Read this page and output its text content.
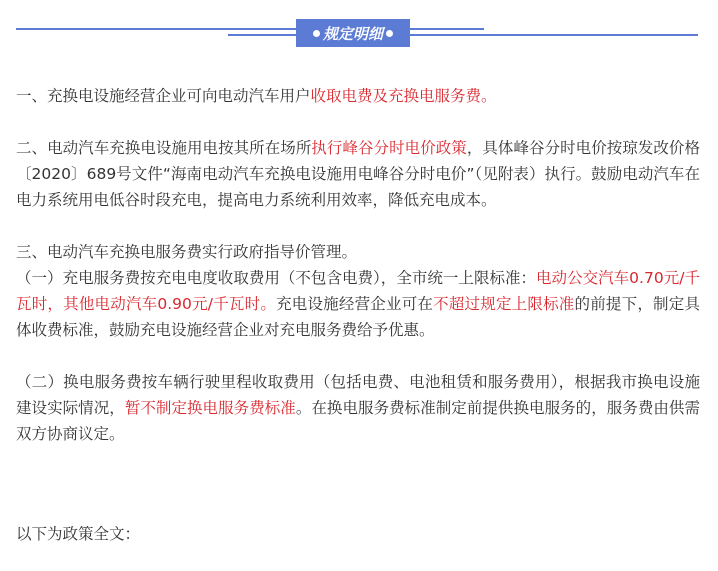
规定明细

一、充换电设施经营企业可向电动汽车用户收取电费及充换电服务费。

二、电动汽车充换电设施用电按其所在场所执行峰谷分时电价政策，具体峰谷分时电价按琼发改价格〔2020〕689号文件“海南电动汽车充换电设施用电峰谷分时电价”（见附表）执行。鼓励电动汽车在电力系统用电低谷时段充电，提高电力系统利用效率，降低充电成本。

三、电动汽车充换电服务费实行政府指导价管理。

（一）充电服务费按充电电度收取费用（不包含电费），全市统一上限标准：电动公交汽车0.70元/千瓦时，其他电动汽车0.90元/千瓦时。充电设施经营企业可在不超过规定上限标准的前提下，制定具体收费标准，鼓励充电设施经营企业对充电服务费给予优惠。

（二）换电服务费按车辆行驶里程收取费用（包括电费、电池租赁和服务费用），根据我市换电设施建设实际情况，暂不制定换电服务费标准。在换电服务费标准制定前提供换电服务的，服务费由供需双方协商议定。

以下为政策全文：
